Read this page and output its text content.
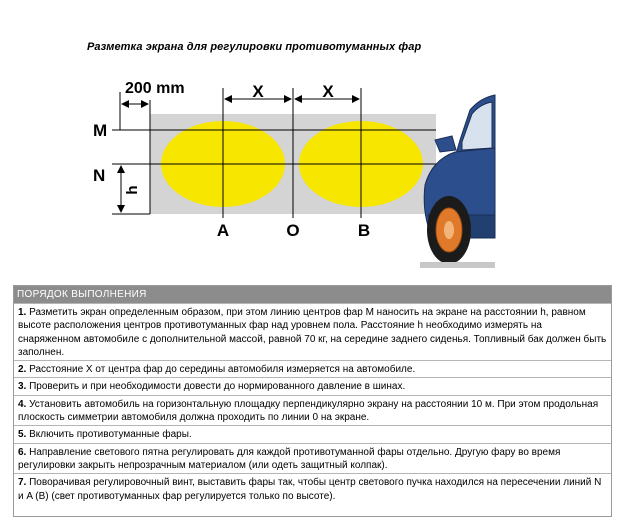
Разметка экрана для регулировки противотуманных фар
X	X
200 mm
h
M
N
A	O	B
ПОРЯДОК ВЫПОЛНЕНИЯ
1. Разметить экран определенным образом, при этом линию центров фар M наносить на экране на расстоянии h, равном высоте расположения центров противотуманных фар над уровнем пола. Расстояние h необходимо измерять на снаряженном автомобиле с дополнительной массой, равной 70 кг, на середине заднего сиденья. Топливный бак должен быть заполнен.
2. Расстояние X от центра фар до середины автомобиля измеряется на автомобиле.
3. Проверить и при необходимости довести до нормированного давление в шинах.
4. Установить автомобиль на горизонтальную площадку перпендикулярно экрану на расстоянии 10 м. При этом продольная плоскость симметрии автомобиля должна проходить по линии 0 на экране.
5. Включить противотуманные фары.
6. Направление светового пятна регулировать для каждой противотуманной фары отдельно. Другую фару во время регулировки закрыть непрозрачным материалом (или одеть защитный колпак).
7. Поворачивая регулировочный винт, выставить фары так, чтобы центр светового пучка находился на пересечении линий N и A (B) (свет противотуманных фар регулируется только по высоте).
